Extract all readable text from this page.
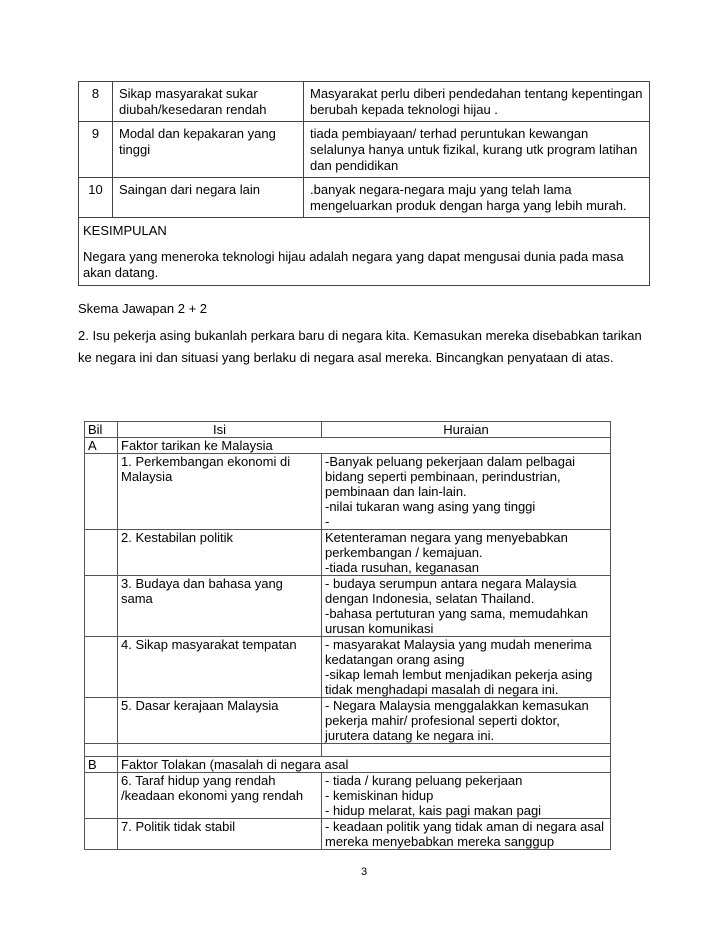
8	Sikap masyarakat sukar diubah/kesedaran rendah	Masyarakat perlu diberi pendedahan tentang kepentingan berubah kepada teknologi hijau .
9	Modal dan kepakaran yang tinggi	tiada pembiayaan/ terhad peruntukan kewangan selalunya hanya untuk fizikal, kurang utk program latihan dan pendidikan
10	Saingan dari negara lain	.banyak negara-negara maju yang telah lama mengeluarkan produk dengan harga yang lebih murah.

KESIMPULAN
Negara yang meneroka teknologi hijau adalah negara yang dapat mengusai dunia pada masa akan datang.		

Skema Jawapan 2 + 2

2. Isu pekerja asing bukanlah perkara baru di negara kita. Kemasukan mereka disebabkan tarikan ke negara ini dan situasi yang berlaku di negara asal mereka. Bincangkan penyataan di atas.

Bil	Isi	Huraian
A	Faktor tarikan ke Malaysia	
	1. Perkembangan ekonomi di Malaysia	-Banyak peluang pekerjaan dalam pelbagai bidang seperti pembinaan, perindustrian, pembinaan dan lain-lain.
-nilai tukaran wang asing yang tinggi
-

	2. Kestabilan politik	Ketenteraman negara yang menyebabkan perkembangan / kemajuan.
-tiada rusuhan, keganasan

	3. Budaya dan bahasa yang sama	- budaya serumpun antara negara Malaysia dengan Indonesia, selatan Thailand.
-bahasa pertuturan yang sama, memudahkan urusan komunikasi

	4. Sikap masyarakat tempatan	- masyarakat Malaysia yang mudah menerima kedatangan orang asing
-sikap lemah lembut menjadikan pekerja asing tidak menghadapi masalah di negara ini.

	5. Dasar kerajaan Malaysia	- Negara Malaysia menggalakkan kemasukan pekerja mahir/ profesional seperti doktor, jurutera datang ke negara ini.

B	Faktor Tolakan (masalah di negara asal	
	6. Taraf hidup yang rendah /keadaan ekonomi yang rendah	- tiada / kurang peluang pekerjaan
- kemiskinan hidup
- hidup melarat, kais pagi makan pagi

	7. Politik tidak stabil	- keadaan politik yang tidak aman di negara asal mereka menyebabkan mereka sanggup
3
